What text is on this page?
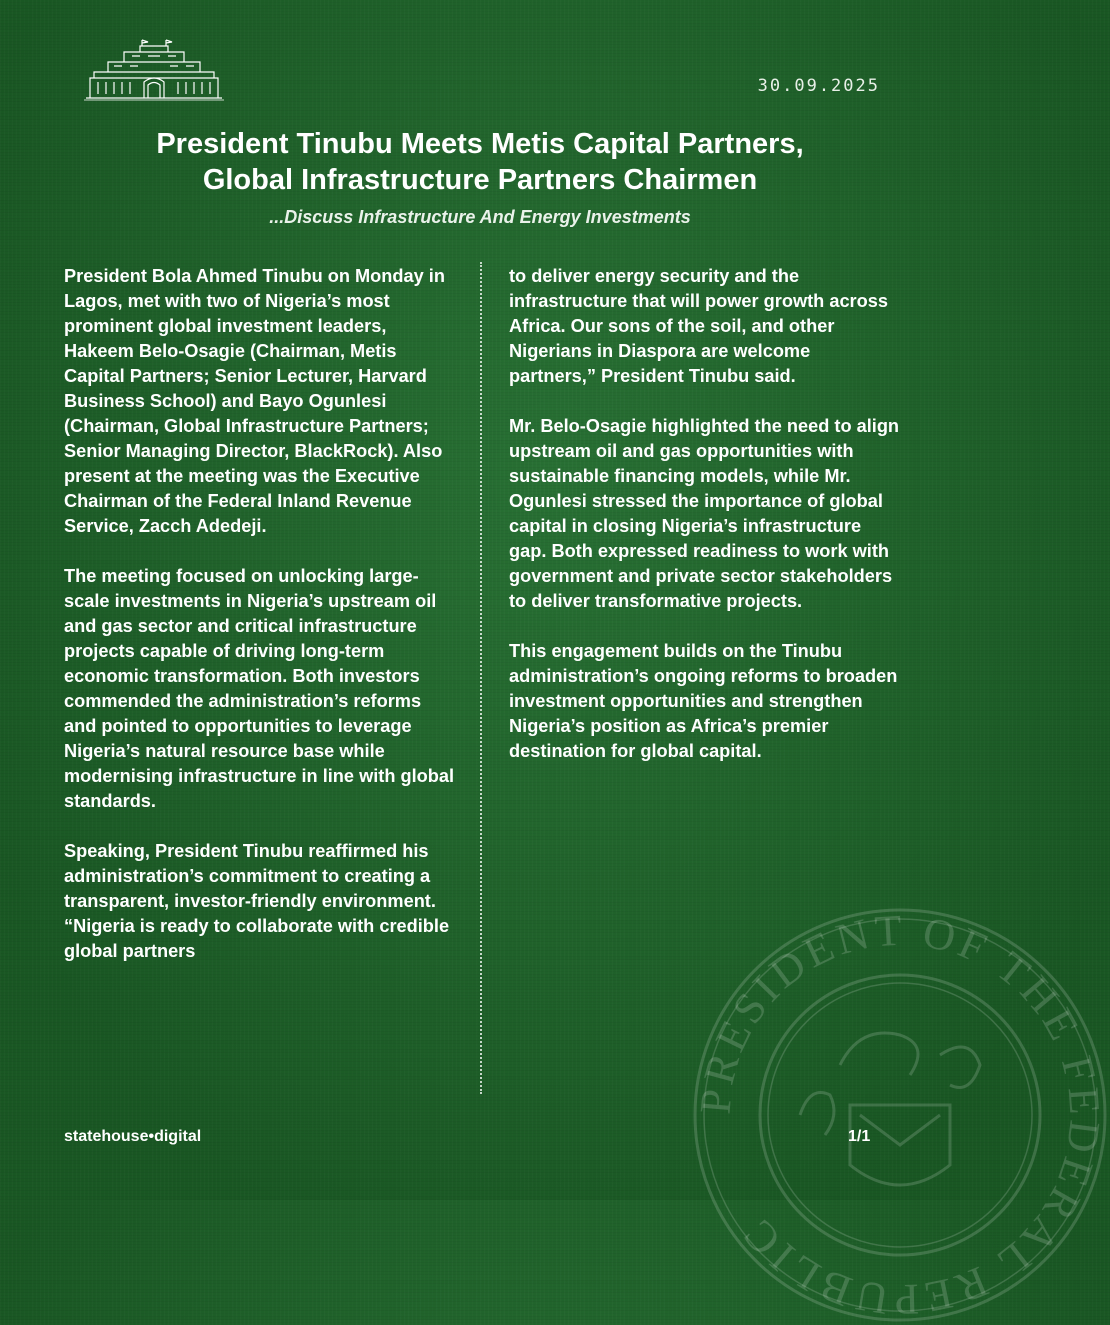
30.09.2025
President Tinubu Meets Metis Capital Partners,
Global Infrastructure Partners Chairmen
...Discuss Infrastructure And Energy Investments

President Bola Ahmed Tinubu on Monday in Lagos, met with two of Nigeria’s most prominent global investment leaders, Hakeem Belo-Osagie (Chairman, Metis Capital Partners; Senior Lecturer, Harvard Business School) and Bayo Ogunlesi (Chairman, Global Infrastructure Partners; Senior Managing Director, BlackRock). Also present at the meeting was the Executive Chairman of the Federal Inland Revenue Service, Zacch Adedeji.

The meeting focused on unlocking large-scale investments in Nigeria’s upstream oil and gas sector and critical infrastructure projects capable of driving long-term economic transformation. Both investors commended the administration’s reforms and pointed to opportunities to leverage Nigeria’s natural resource base while modernising infrastructure in line with global standards.

Speaking, President Tinubu reaffirmed his administration’s commitment to creating a transparent, investor-friendly environment. “Nigeria is ready to collaborate with credible global partners

to deliver energy security and the infrastructure that will power growth across Africa. Our sons of the soil, and other Nigerians in Diaspora are welcome partners,” President Tinubu said.

Mr. Belo-Osagie highlighted the need to align upstream oil and gas opportunities with sustainable financing models, while Mr. Ogunlesi stressed the importance of global capital in closing Nigeria’s infrastructure gap. Both expressed readiness to work with government and private sector stakeholders to deliver transformative projects.

This engagement builds on the Tinubu administration’s ongoing reforms to broaden investment opportunities and strengthen Nigeria’s position as Africa’s premier destination for global capital.

PRESIDENT OF THE FEDERAL REPUBLIC
statehouse•digital	1/1
